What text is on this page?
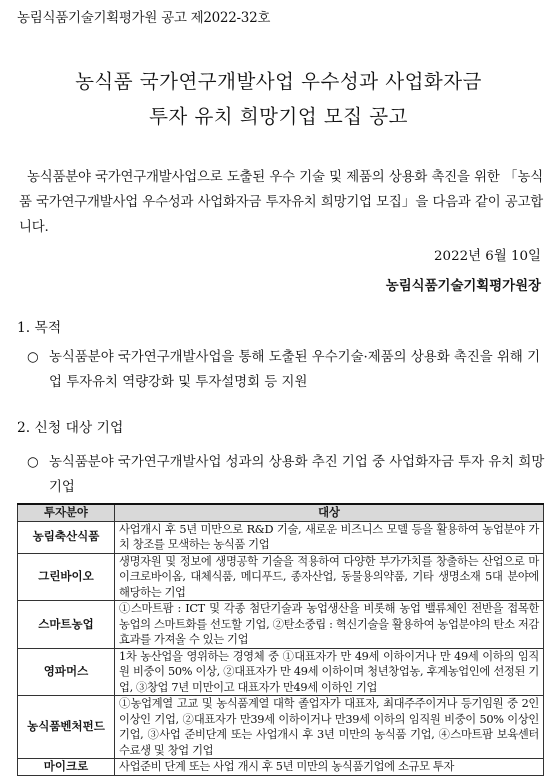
농림식품기술기획평가원 공고 제2022-32호
농식품 국가연구개발사업 우수성과 사업화자금
투자 유치 희망기업 모집 공고
농식품분야 국가연구개발사업으로 도출된 우수 기술 및 제품의 상용화 촉진을 위한 「농식품 국가연구개발사업 우수성과 사업화자금 투자유치 희망기업 모집」을 다음과 같이 공고합니다.
2022년 6월 10일
농림식품기술기획평가원장
1. 목적
○ 농식품분야 국가연구개발사업을 통해 도출된 우수기술·제품의 상용화 촉진을 위해 기업 투자유치 역량강화 및 투자설명회 등 지원
2. 신청 대상 기업
○ 농식품분야 국가연구개발사업 성과의 상용화 추진 기업 중 사업화자금 투자 유치 희망기업
투자분야	대상
농림축산식품	사업개시 후 5년 미만으로 R&D 기술, 새로운 비즈니스 모델 등을 활용하여 농업분야 가치 창조를 모색하는 농식품 기업
그린바이오	생명자원 및 정보에 생명공학 기술을 적용하여 다양한 부가가치를 창출하는 산업으로 마이크로바이옴, 대체식품, 메디푸드, 종자산업, 동물용의약품, 기타 생명소재 5대 분야에 해당하는 기업
스마트농업	①스마트팜 : ICT 및 각종 첨단기술과 농업생산을 비롯해 농업 밸류체인 전반을 접목한 농업의 스마트화를 선도할 기업, ②탄소중립 : 혁신기술을 활용하여 농업분야의 탄소 저감 효과를 가져올 수 있는 기업
영파머스	1차 농산업을 영위하는 경영체 중 ①대표자가 만 49세 이하이거나 만 49세 이하의 임직원 비중이 50% 이상, ②대표자가 만 49세 이하이며 청년창업농, 후계농업인에 선정된 기업, ③창업 7년 미만이고 대표자가 만49세 이하인 기업
농식품벤처펀드	①농업계열 고교 및 농식품계열 대학 졸업자가 대표자, 최대주주이거나 등기임원 중 2인 이상인 기업, ②대표자가 만39세 이하이거나 만39세 이하의 임직원 비중이 50% 이상인 기업, ③사업 준비단계 또는 사업개시 후 3년 미만의 농식품 기업, ④스마트팜 보육센터 수료생 및 창업 기업
마이크로	사업준비 단계 또는 사업 개시 후 5년 미만의 농식품기업에 소규모 투자
